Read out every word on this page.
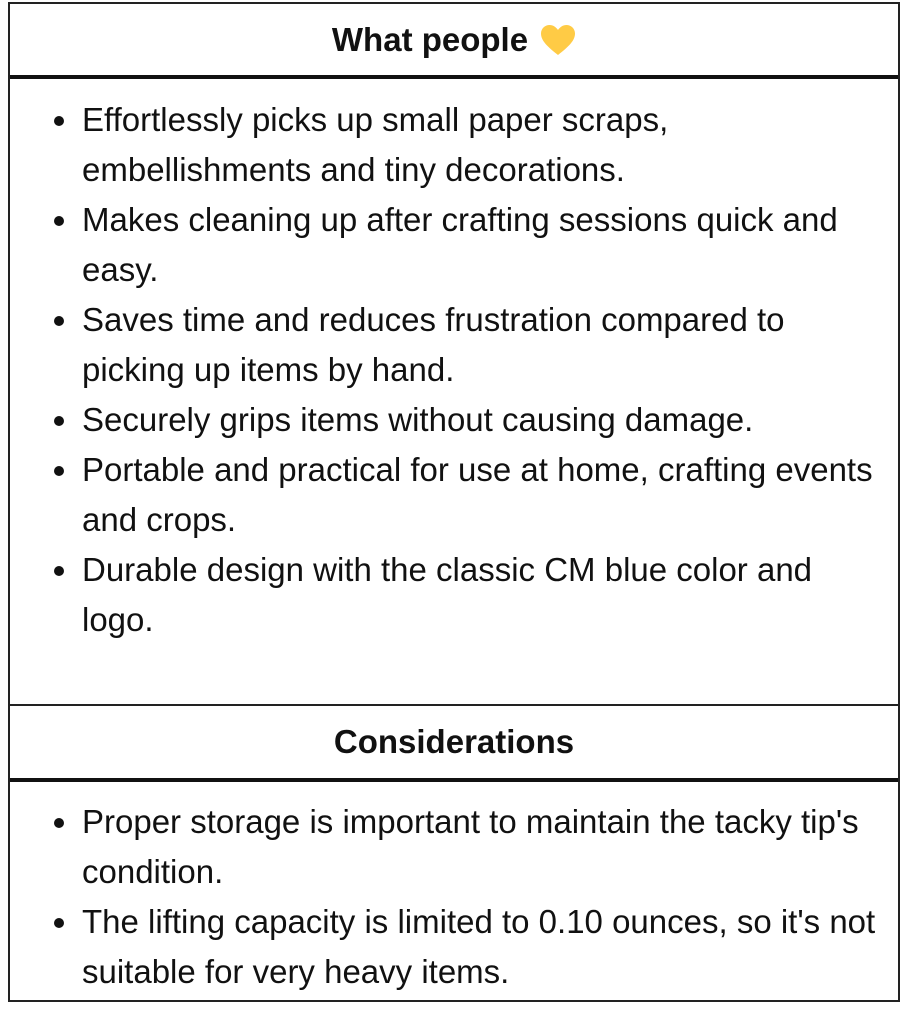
What people
Effortlessly picks up small paper scraps, embellishments and tiny decorations.
Makes cleaning up after crafting sessions quick and easy.
Saves time and reduces frustration compared to picking up items by hand.
Securely grips items without causing damage.
Portable and practical for use at home, crafting events and crops.
Durable design with the classic CM blue color and logo.
Considerations
Proper storage is important to maintain the tacky tip's condition.
The lifting capacity is limited to 0.10 ounces, so it's not suitable for very heavy items.
